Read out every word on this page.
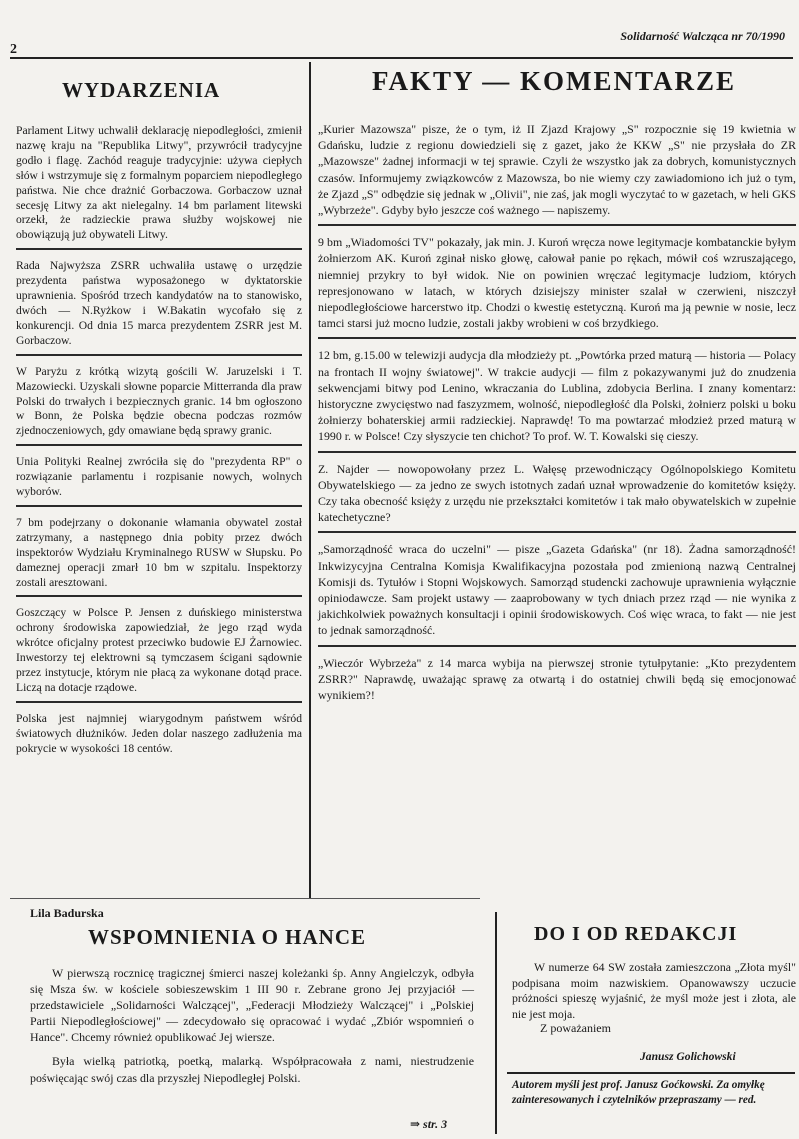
2
Solidarność Walcząca nr 70/1990
WYDARZENIA
Parlament Litwy uchwalił deklarację niepodległości, zmienił nazwę kraju na "Republika Litwy", przywrócił tradycyjne godło i flagę. Zachód reaguje tradycyjnie: używa ciepłych słów i wstrzymuje się z formalnym poparciem niepodległego państwa. Nie chce drażnić Gorbaczowa. Gorbaczow uznał secesję Litwy za akt nielegalny. 14 bm parlament litewski orzekł, że radzieckie prawa służby wojskowej nie obowiązują już obywateli Litwy.
Rada Najwyższa ZSRR uchwaliła ustawę o urzędzie prezydenta państwa wyposażonego w dyktatorskie uprawnienia. Spośród trzech kandydatów na to stanowisko, dwóch — N.Ryżkow i W.Bakatin wycofało się z konkurencji. Od dnia 15 marca prezydentem ZSRR jest M. Gorbaczow.
W Paryżu z krótką wizytą gościli W. Jaruzelski i T. Mazowiecki. Uzyskali słowne poparcie Mitterranda dla praw Polski do trwałych i bezpiecznych granic. 14 bm ogłoszono w Bonn, że Polska będzie obecna podczas rozmów zjednoczeniowych, gdy omawiane będą sprawy granic.
Unia Polityki Realnej zwróciła się do "prezydenta RP" o rozwiązanie parlamentu i rozpisanie nowych, wolnych wyborów.
7 bm podejrzany o dokonanie włamania obywatel został zatrzymany, a następnego dnia pobity przez dwóch inspektorów Wydziału Kryminalnego RUSW w Słupsku. Po dameznej operacji zmarł 10 bm w szpitalu. Inspektorzy zostali aresztowani.
Goszczący w Polsce P. Jensen z duńskiego ministerstwa ochrony środowiska zapowiedział, że jego rząd wyda wkrótce oficjalny protest przeciwko budowie EJ Żarnowiec. Inwestorzy tej elektrowni są tymczasem ścigani sądownie przez instytucje, którym nie płacą za wykonane dotąd prace. Liczą na dotacje rządowe.
Polska jest najmniej wiarygodnym państwem wśród światowych dłużników. Jeden dolar naszego zadłużenia ma pokrycie w wysokości 18 centów.
FAKTY — KOMENTARZE
„Kurier Mazowsza" pisze, że o tym, iż II Zjazd Krajowy „S" rozpocznie się 19 kwietnia w Gdańsku, ludzie z regionu dowiedzieli się z gazet, jako że KKW „S" nie przysłała do ZR „Mazowsze" żadnej informacji w tej sprawie. Czyli że wszystko jak za dobrych, komunistycznych czasów. Informujemy związkowców z Mazowsza, bo nie wiemy czy zawiadomiono ich już o tym, że Zjazd „S" odbędzie się jednak w „Olivii", nie zaś, jak mogli wyczytać to w gazetach, w heli GKS „Wybrzeże". Gdyby było jeszcze coś ważnego — napiszemy.
9 bm „Wiadomości TV" pokazały, jak min. J. Kuroń wręcza nowe legitymacje kombatanckie byłym żołnierzom AK. Kuroń zginał nisko głowę, całował panie po rękach, mówił coś wzruszającego, niemniej przykry to był widok. Nie on powinien wręczać legitymacje ludziom, których represjonowano w latach, w których dzisiejszy minister szalał w czerwieni, niszczył niepodległościowe harcerstwo itp. Chodzi o kwestię estetyczną. Kuroń ma ją pewnie w nosie, lecz tamci starsi już mocno ludzie, zostali jakby wrobieni w coś brzydkiego.
12 bm, g.15.00 w telewizji audycja dla młodzieży pt. „Powtórka przed maturą — historia — Polacy na frontach II wojny światowej". W trakcie audycji — film z pokazywanymi już do znudzenia sekwencjami bitwy pod Lenino, wkraczania do Lublina, zdobycia Berlina. I znany komentarz: historyczne zwycięstwo nad faszyzmem, wolność, niepodległość dla Polski, żołnierz polski u boku żołnierzy bohaterskiej armii radzieckiej. Naprawdę! To ma powtarzać młodzież przed maturą w 1990 r. w Polsce! Czy słyszycie ten chichot? To prof. W. T. Kowalski się cieszy.
Z. Najder — nowopowołany przez L. Wałęsę przewodniczący Ogólnopolskiego Komitetu Obywatelskiego — za jedno ze swych istotnych zadań uznał wprowadzenie do komitetów księży. Czy taka obecność księży z urzędu nie przekształci komitetów i tak mało obywatelskich w zupełnie katechetyczne?
„Samorządność wraca do uczelni" — pisze „Gazeta Gdańska" (nr 18). Żadna samorządność! Inkwizycyjna Centralna Komisja Kwalifikacyjna pozostała pod zmienioną nazwą Centralnej Komisji ds. Tytułów i Stopni Wojskowych. Samorząd studencki zachowuje uprawnienia wyłącznie opiniodawcze. Sam projekt ustawy — zaaprobowany w tych dniach przez rząd — nie wynika z jakichkolwiek poważnych konsultacji i opinii środowiskowych. Coś więc wraca, to fakt — nie jest to jednak samorządność.
„Wieczór Wybrzeża" z 14 marca wybija na pierwszej stronie tytułpytanie: „Kto prezydentem ZSRR?" Naprawdę, uważając sprawę za otwartą i do ostatniej chwili będą się emocjonować wynikiem?!
Lila Badurska
WSPOMNIENIA O HANCE

W pierwszą rocznicę tragicznej śmierci naszej koleżanki śp. Anny Angielczyk, odbyła się Msza św. w kościele sobieszewskim 1 III 90 r. Zebrane grono Jej przyjaciół — przedstawiciele „Solidarności Walczącej", „Federacji Młodzieży Walczącej" i „Polskiej Partii Niepodległościowej" — zdecydowało się opracować i wydać „Zbiór wspomnień o Hance". Chcemy również opublikować Jej wiersze.

Była wielką patriotką, poetką, malarką. Współpracowała z nami, niestrudzenie poświęcając swój czas dla przyszłej Niepodległej Polski.

⇒ str. 3
DO I OD REDAKCJI

W numerze 64 SW została zamieszczona „Złota myśl" podpisana moim nazwiskiem. Opanowawszy uczucie próżności spieszę wyjaśnić, że myśl może jest i złota, ale nie jest moja.

Z poważaniem
Janusz Golichowski
Autorem myśli jest prof. Janusz Goćkowski. Za omyłkę zainteresowanych i czytelników przepraszamy — red.
